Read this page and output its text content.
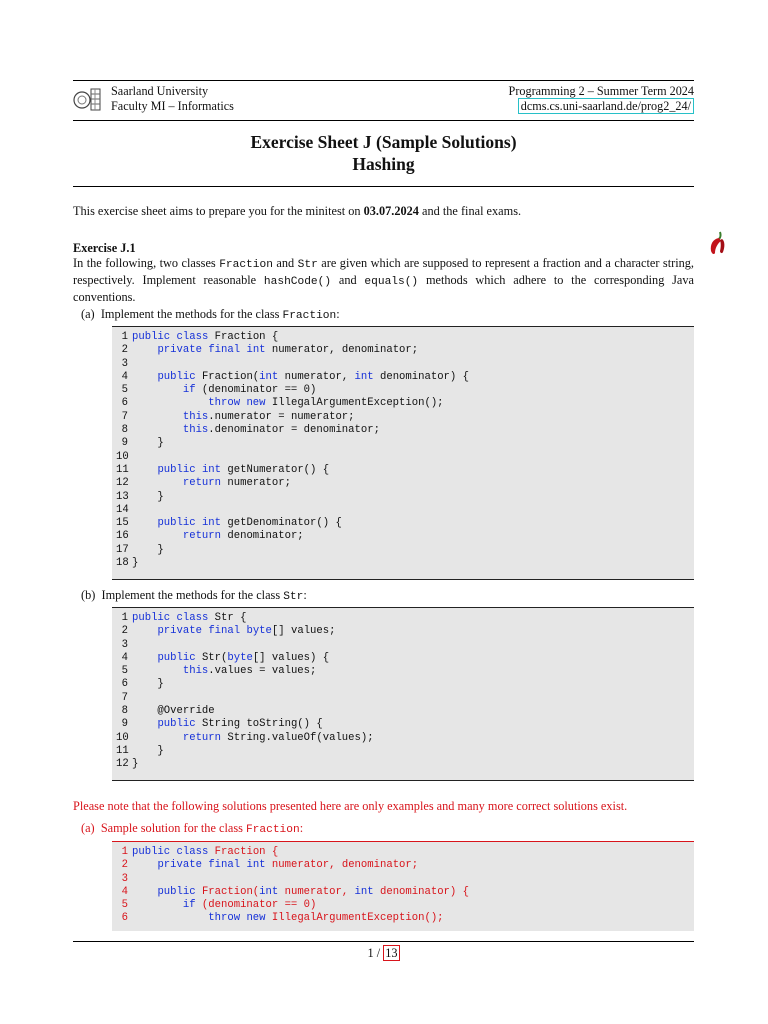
Saarland University
Faculty MI – Informatics
Programming 2 – Summer Term 2024
dcms.cs.uni-saarland.de/prog2_24/
Exercise Sheet J (Sample Solutions)
Hashing
This exercise sheet aims to prepare you for the minitest on 03.07.2024 and the final exams.
Exercise J.1
In the following, two classes Fraction and Str are given which are supposed to represent a fraction and a character string, respectively. Implement reasonable hashCode() and equals() methods which adhere to the corresponding Java conventions.
(a) Implement the methods for the class Fraction:
1 public class Fraction {
2	private final int numerator, denominator;
3
4	public Fraction(int numerator, int denominator) {
5	if (denominator == 0)
6	throw new IllegalArgumentException();
7	this.numerator = numerator;
8	this.denominator = denominator;
9 }
10
11	public int getNumerator() {
12	return numerator;
13 }
14
15	public int getDenominator() {
16	return denominator;
17 }
18 }
(b) Implement the methods for the class Str:
1 public class Str {
2	private final byte[] values;
3
4	public Str(byte[] values) {
5	this.values = values;
6 }
7
8 @Override
9	public String toString() {
10	return String.valueOf(values);
11 }
12 }
Please note that the following solutions presented here are only examples and many more correct solutions exist.
(a) Sample solution for the class Fraction:
1 public class Fraction {
2	private final int numerator, denominator;
3
4	public Fraction(int numerator, int denominator) {
5	if (denominator == 0)
6	throw new IllegalArgumentException();
1 / 13
